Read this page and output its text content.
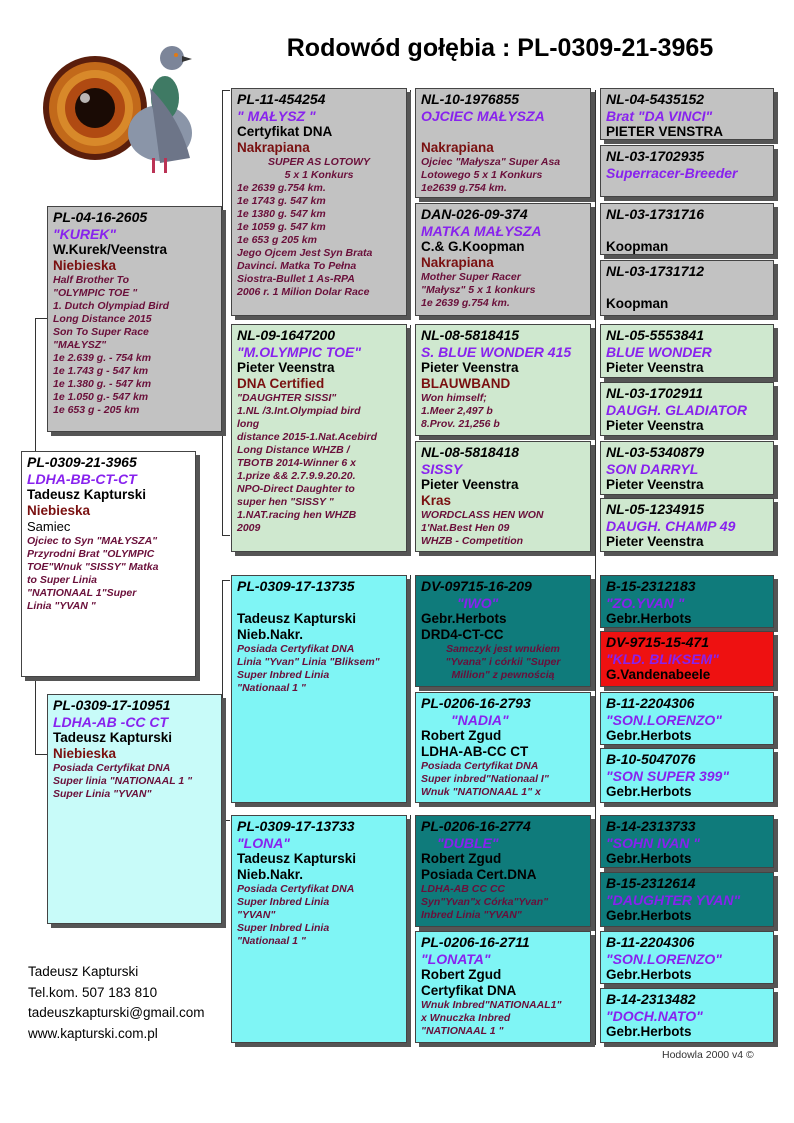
Rodowód gołębia : PL-0309-21-3965
PL-0309-21-3965
LDHA-BB-CT-CT
Tadeusz Kapturski
Niebieska
Samiec
Ojciec to Syn "MAŁYSZA"
Przyrodni Brat "OLYMPIC
TOE"Wnuk "SISSY" Matka
to Super Linia
"NATIONAAL 1"Super
Linia "YVAN "
PL-04-16-2605
"KUREK"
W.Kurek/Veenstra
Niebieska
Half Brother To
"OLYMPIC TOE "
1. Dutch Olympiad Bird
Long Distance 2015
Son To Super Race
"MAŁYSZ"
1e 2.639 g. - 754 km
1e 1.743 g - 547 km
1e 1.380 g. - 547 km
1e 1.050 g.- 547 km
1e 653 g - 205 km
PL-0309-17-10951
LDHA-AB -CC CT
Tadeusz Kapturski
Niebieska
Posiada Certyfikat DNA
Super linia "NATIONAAL 1 "
Super Linia "YVAN"
PL-11-454254
" MAŁYSZ "
Certyfikat DNA
Nakrapiana
SUPER AS LOTOWY
5 x 1 Konkurs
1e 2639 g.754 km.
1e 1743 g. 547 km
1e 1380 g. 547 km
1e 1059 g. 547 km
1e 653 g 205 km
Jego Ojcem Jest Syn Brata
Davinci. Matka To Pełna
Siostra-Bullet 1 As-RPA
2006 r. 1 Milion Dolar Race
NL-09-1647200
"M.OLYMPIC TOE"
Pieter Veenstra
DNA Certified
"DAUGHTER SISSI"
1.NL /3.Int.Olympiad bird
long
distance 2015-1.Nat.Acebird
Long Distance WHZB /
TBOTB 2014-Winner 6 x
1.prize && 2.7.9.9.20.20.
NPO-Direct Daughter to
super hen "SISSY "
1.NAT.racing hen WHZB
2009
PL-0309-17-13735
Tadeusz Kapturski
Nieb.Nakr.
Posiada Certyfikat DNA
Linia "Yvan" Linia "Bliksem"
Super Inbred Linia
"Nationaal 1 "
PL-0309-17-13733
"LONA"
Tadeusz Kapturski
Nieb.Nakr.
Posiada Certyfikat DNA
Super Inbred Linia
"YVAN"
Super Inbred Linia
"Nationaal 1 "
NL-10-1976855
OJCIEC MAŁYSZA
Nakrapiana
Ojciec "Małysza" Super Asa
Lotowego 5 x 1 Konkurs
1e2639 g.754 km.
DAN-026-09-374
MATKA MAŁYSZA
C.& G.Koopman
Nakrapiana
Mother Super Racer
"Małysz" 5 x 1 konkurs
1e 2639 g.754 km.
NL-08-5818415
S. BLUE WONDER 415
Pieter Veenstra
BLAUWBAND
Won himself;
1.Meer 2,497 b
8.Prov. 21,256 b
NL-08-5818418
SISSY
Pieter Veenstra
Kras
WORDCLASS HEN WON
1'Nat.Best Hen 09
WHZB - Competition
DV-09715-16-209
"IWO"
Gebr.Herbots
DRD4-CT-CC
Samczyk jest wnukiem
"Yvana" i córkii "Super
Million" z pewnością
PL-0206-16-2793
"NADIA"
Robert Zgud
LDHA-AB-CC CT
Posiada Certyfikat DNA
Super inbred"Nationaal I"
Wnuk "NATIONAAL 1" x
PL-0206-16-2774
"DUBLE"
Robert Zgud
Posiada Cert.DNA
LDHA-AB CC CC
Syn"Yvan"x Córka"Yvan"
Inbred Linia "YVAN"
PL-0206-16-2711
"LONATA"
Robert Zgud
Certyfikat DNA
Wnuk Inbred"NATIONAAL1"
x Wnuczka Inbred
"NATIONAAL 1 "
NL-04-5435152
Brat "DA VINCI"
PIETER VENSTRA
NL-03-1702935
Superracer-Breeder
NL-03-1731716
Koopman
NL-03-1731712
Koopman
NL-05-5553841
BLUE WONDER
Pieter Veenstra
NL-03-1702911
DAUGH. GLADIATOR
Pieter Veenstra
NL-03-5340879
SON DARRYL
Pieter Veenstra
NL-05-1234915
DAUGH. CHAMP 49
Pieter Veenstra
B-15-2312183
"ZO.YVAN "
Gebr.Herbots
DV-9715-15-471
"KLD. BLIKSEM"
G.Vandenabeele
B-11-2204306
"SON.LORENZO"
Gebr.Herbots
B-10-5047076
"SON SUPER 399"
Gebr.Herbots
B-14-2313733
"SOHN IVAN "
Gebr.Herbots
B-15-2312614
"DAUGHTER YVAN"
Gebr.Herbots
B-11-2204306
"SON.LORENZO"
Gebr.Herbots
B-14-2313482
"DOCH.NATO"
Gebr.Herbots
Tadeusz Kapturski
Tel.kom. 507 183 810
tadeuszkapturski@gmail.com
www.kapturski.com.pl
Hodowla 2000 v4 ©
